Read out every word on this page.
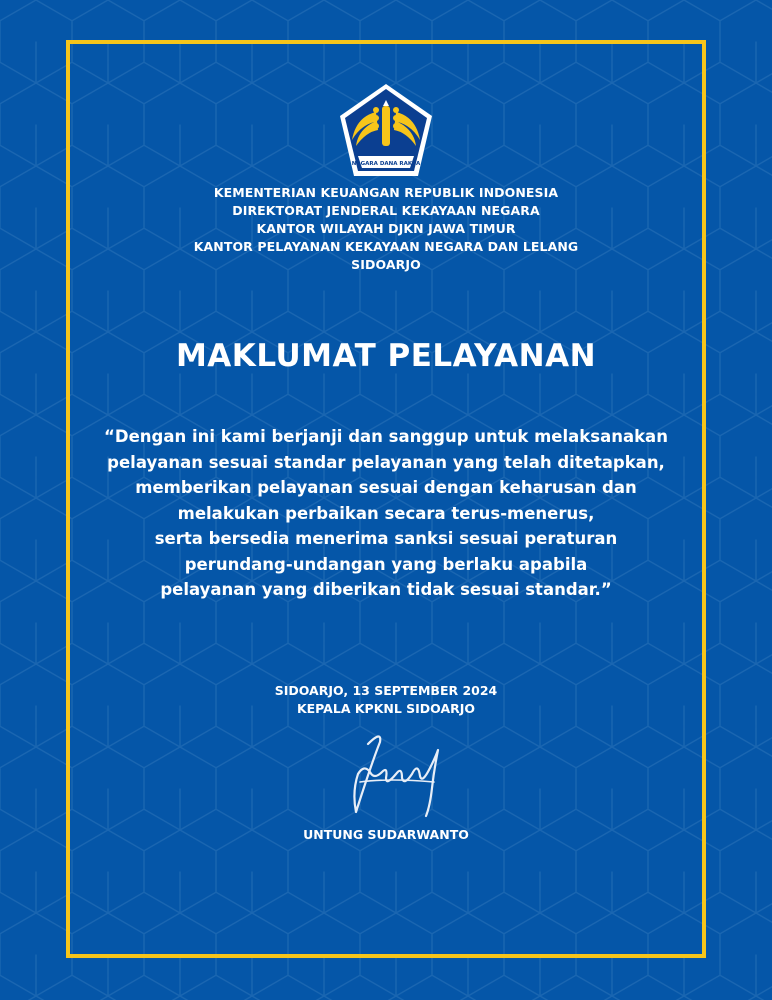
NAGARA DANA RAKCA
KEMENTERIAN KEUANGAN REPUBLIK INDONESIA
DIREKTORAT JENDERAL KEKAYAAN NEGARA
KANTOR WILAYAH DJKN JAWA TIMUR
KANTOR PELAYANAN KEKAYAAN NEGARA DAN LELANG
SIDOARJO
MAKLUMAT PELAYANAN
“Dengan ini kami berjanji dan sanggup untuk melaksanakan
pelayanan sesuai standar pelayanan yang telah ditetapkan,
memberikan pelayanan sesuai dengan keharusan dan
melakukan perbaikan secara terus-menerus,
serta bersedia menerima sanksi sesuai peraturan
perundang-undangan yang berlaku apabila
pelayanan yang diberikan tidak sesuai standar.”
SIDOARJO, 13 SEPTEMBER 2024
KEPALA KPKNL SIDOARJO
UNTUNG SUDARWANTO
